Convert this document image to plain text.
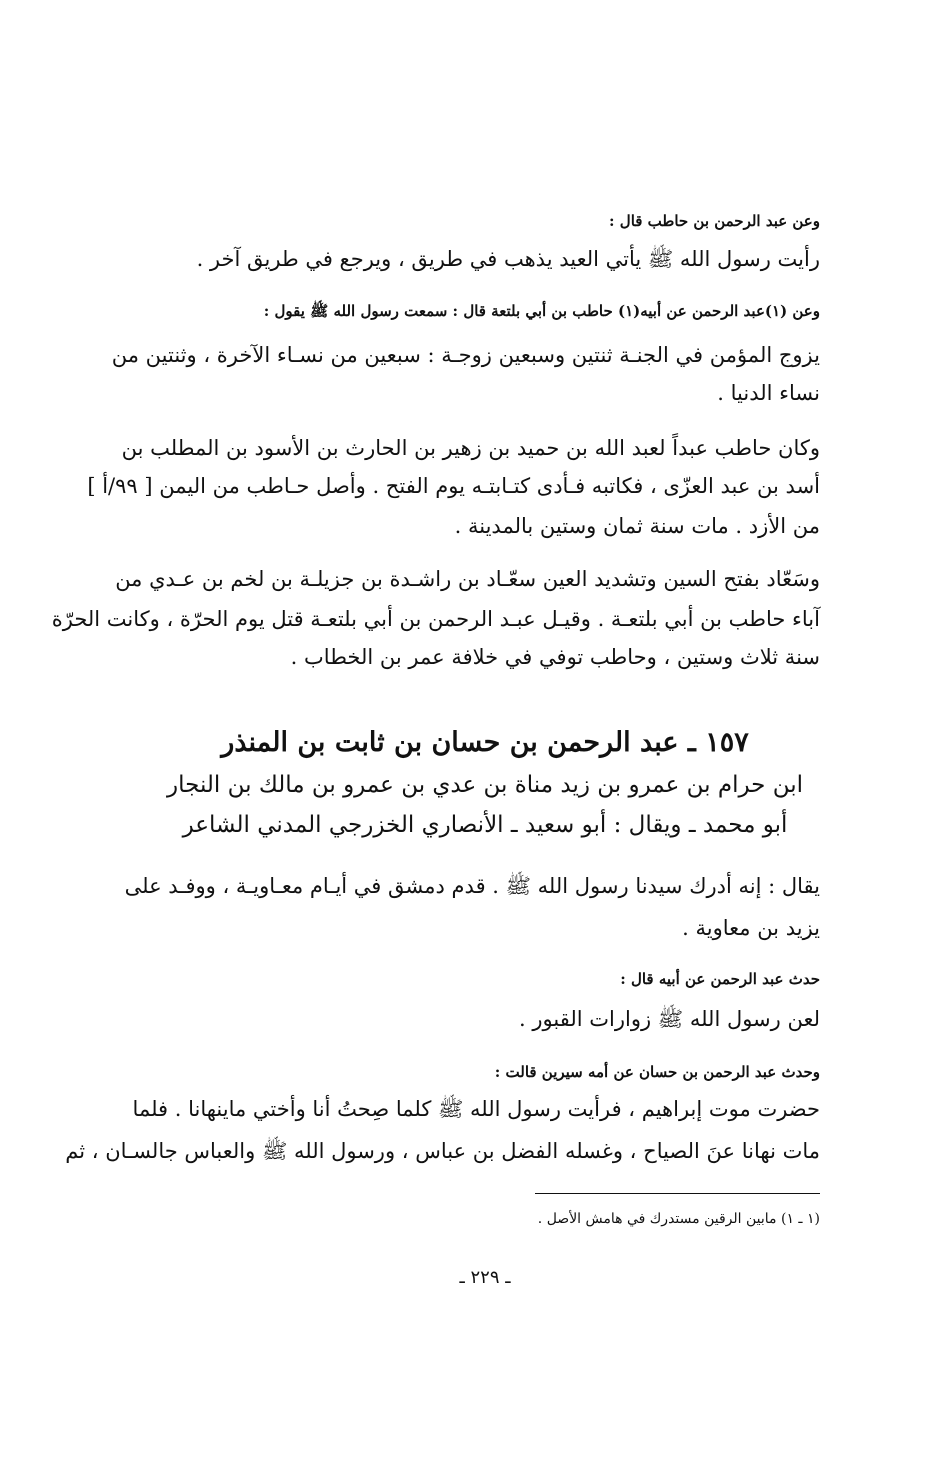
وعن عبد الرحمن بن حاطب قال :
رأيت رسول الله ﷺ يأتي العيد يذهب في طريق ، ويرجع في طريق آخر .
وعن (١)عبد الرحمن عن أبيه(١) حاطب بن أبي بلتعة قال : سمعت رسول الله ﷺ يقول :
يزوج المؤمن في الجنـة ثنتين وسبعين زوجـة : سبعين من نسـاء الآخرة ، وثنتين من
نساء الدنيا .
وكان حاطب عبداً لعبد الله بن حميد بن زهير بن الحارث بن الأسود بن المطلب بن
أسد بن عبد العزّى ، فكاتبه فـأدى كتـابتـه يوم الفتح . وأصل حـاطب من اليمن [ ٩٩/أ ]
من الأزد . مات سنة ثمان وستين بالمدينة .
وسَعّاد بفتح السين وتشديد العين سعّـاد بن راشـدة بن جزيلـة بن لخم بن عـدي من
آباء حاطب بن أبي بلتعـة . وقيـل عبـد الرحمن بن أبي بلتعـة قتل يوم الحرّة ، وكانت الحرّة
سنة ثلاث وستين ، وحاطب توفي في خلافة عمر بن الخطاب .
١٥٧ ـ عبد الرحمن بن حسان بن ثابت بن المنذر
ابن حرام بن عمرو بن زيد مناة بن عدي بن عمرو بن مالك بن النجار
أبو محمد ـ ويقال : أبو سعيد ـ الأنصاري الخزرجي المدني الشاعر
يقال : إنه أدرك سيدنا رسول الله ﷺ . قدم دمشق في أيـام معـاويـة ، ووفـد على
يزيد بن معاوية .
حدث عبد الرحمن عن أبيه قال :
لعن رسول الله ﷺ زوارات القبور .
وحدث عبد الرحمن بن حسان عن أمه سيرين قالت :
حضرت موت إبراهيم ، فرأيت رسول الله ﷺ كلما صِحتُ أنا وأختي ماينهانا . فلما
مات نهانا عنَ الصياح ، وغسله الفضل بن عباس ، ورسول الله ﷺ والعباس جالسـان ، ثم
(١ ـ ١) مابين الرقين مستدرك في هامش الأصل .
ـ ٢٢٩ ـ
